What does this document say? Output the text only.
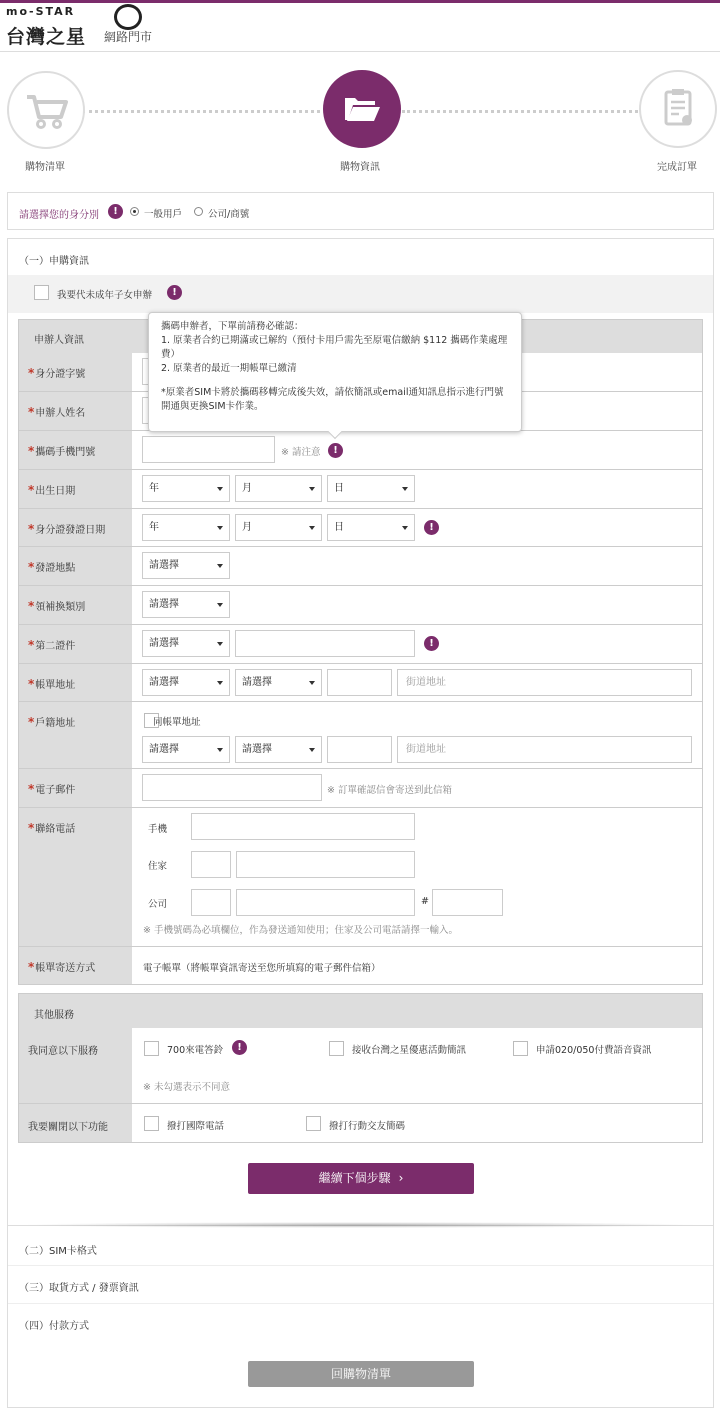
mo-STAR
台灣之星 網路門市
購物清單	購物資訊	完成訂單
請選擇您的身分別	!	一般用戶	公司/商號
（一）申購資訊
我要代未成年子女申辦	!
申辦人資訊
*身分證字號
*申辦人姓名
*攜碼手機門號	※ 請注意	!
*出生日期	年	月	日
*身分證發證日期	年	月	日	!
*發證地點	請選擇
*領補換類別	請選擇
*第二證件	請選擇	!
*帳單地址	請選擇	請選擇	街道地址
*戶籍地址	同帳單地址
請選擇	請選擇	街道地址
*電子郵件	※ 訂單確認信會寄送到此信箱
*聯絡電話	手機
住家
公司	#
※ 手機號碼為必填欄位，作為發送通知使用；住家及公司電話請擇一輸入。
*帳單寄送方式	電子帳單（將帳單資訊寄送至您所填寫的電子郵件信箱）
攜碼申辦者，下單前請務必確認：
1. 原業者合約已期滿或已解約（預付卡用戶需先至原電信繳納 $112 攜碼作業處理費）
2. 原業者的最近一期帳單已繳清
*原業者SIM卡將於攜碼移轉完成後失效，請依簡訊或email通知訊息指示進行門號開通與更換SIM卡作業。
其他服務
我同意以下服務	700來電答鈴	!	接收台灣之星優惠活動簡訊	申請020/050付費語音資訊
※ 未勾選表示不同意
我要關閉以下功能	撥打國際電話	撥打行動交友簡碼
繼續下個步驟 ›
（二）SIM卡格式
（三）取貨方式 / 發票資訊
（四）付款方式
回購物清單
